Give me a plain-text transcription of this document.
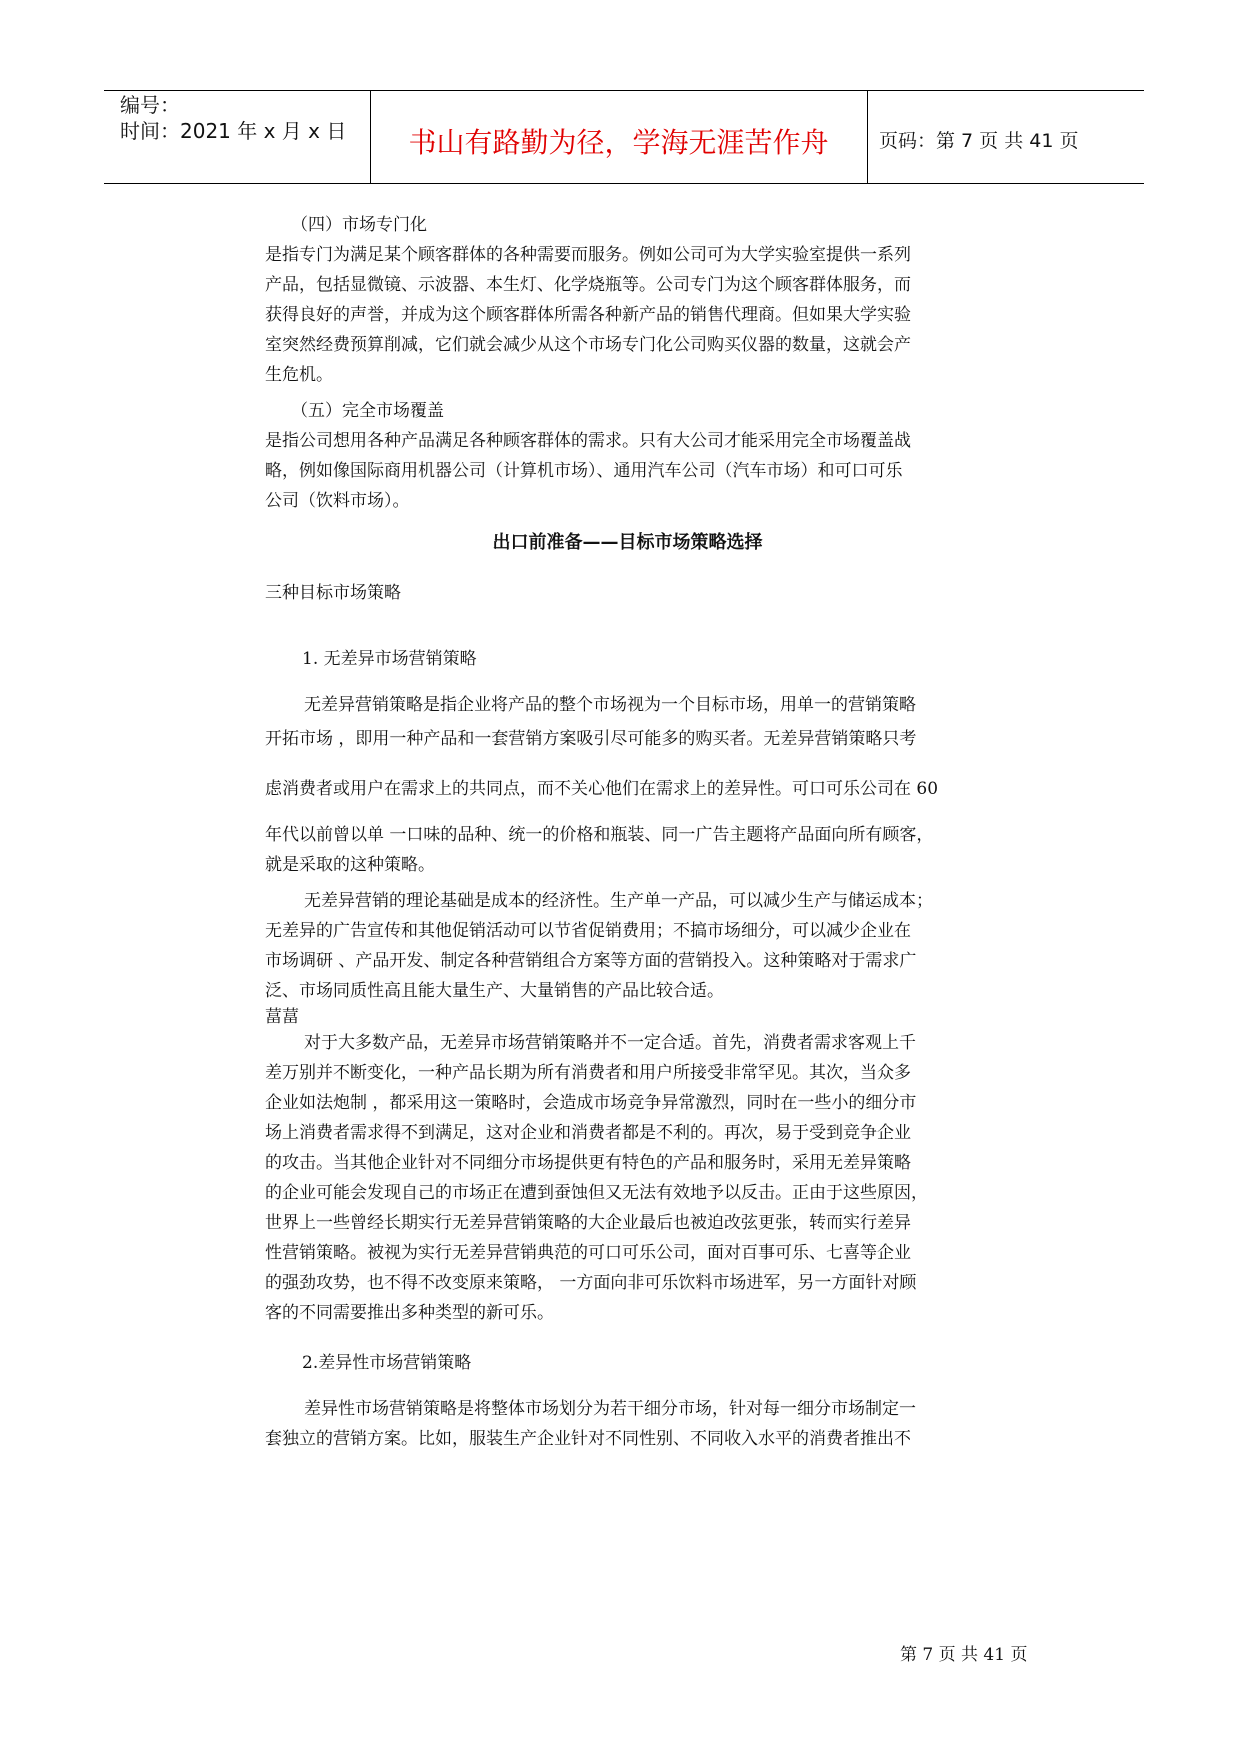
编号：
时间：2021 年 x 月 x 日	书山有路勤为径，学海无涯苦作舟	页码：第 7 页 共 41 页
（四）市场专门化
是指专门为满足某个顾客群体的各种需要而服务。例如公司可为大学实验室提供一系列
产品，包括显微镜、示波器、本生灯、化学烧瓶等。公司专门为这个顾客群体服务，而
获得良好的声誉，并成为这个顾客群体所需各种新产品的销售代理商。但如果大学实验
室突然经费预算削减，它们就会减少从这个市场专门化公司购买仪器的数量，这就会产
生危机。
（五）完全市场覆盖
是指公司想用各种产品满足各种顾客群体的需求。只有大公司才能采用完全市场覆盖战
略，例如像国际商用机器公司（计算机市场）、通用汽车公司（汽车市场）和可口可乐
公司（饮料市场）。
出口前准备——目标市场策略选择
三种目标市场策略
1. 无差异市场营销策略
无差异营销策略是指企业将产品的整个市场视为一个目标市场，用单一的营销策略
开拓市场 ，即用一种产品和一套营销方案吸引尽可能多的购买者。无差异营销策略只考
虑消费者或用户在需求上的共同点，而不关心他们在需求上的差异性。可口可乐公司在 60
年代以前曾以单 一口味的品种、统一的价格和瓶装、同一广告主题将产品面向所有顾客，
就是采取的这种策略。
无差异营销的理论基础是成本的经济性。生产单一产品，可以减少生产与储运成本；
无差异的广告宣传和其他促销活动可以节省促销费用；不搞市场细分，可以减少企业在
市场调研 、产品开发、制定各种营销组合方案等方面的营销投入。这种策略对于需求广
泛、市场同质性高且能大量生产、大量销售的产品比较合适。
葍葍
对于大多数产品，无差异市场营销策略并不一定合适。首先，消费者需求客观上千
差万别并不断变化，一种产品长期为所有消费者和用户所接受非常罕见。其次，当众多
企业如法炮制 ，都采用这一策略时，会造成市场竞争异常激烈，同时在一些小的细分市
场上消费者需求得不到满足，这对企业和消费者都是不利的。再次，易于受到竞争企业
的攻击。当其他企业针对不同细分市场提供更有特色的产品和服务时，采用无差异策略
的企业可能会发现自己的市场正在遭到蚕蚀但又无法有效地予以反击。正由于这些原因，
世界上一些曾经长期实行无差异营销策略的大企业最后也被迫改弦更张，转而实行差异
性营销策略。被视为实行无差异营销典范的可口可乐公司，面对百事可乐、七喜等企业
的强劲攻势，也不得不改变原来策略， 一方面向非可乐饮料市场进军，另一方面针对顾
客的不同需要推出多种类型的新可乐。
2.差异性市场营销策略
差异性市场营销策略是将整体市场划分为若干细分市场，针对每一细分市场制定一
套独立的营销方案。比如，服装生产企业针对不同性别、不同收入水平的消费者推出不
第 7 页 共 41 页
